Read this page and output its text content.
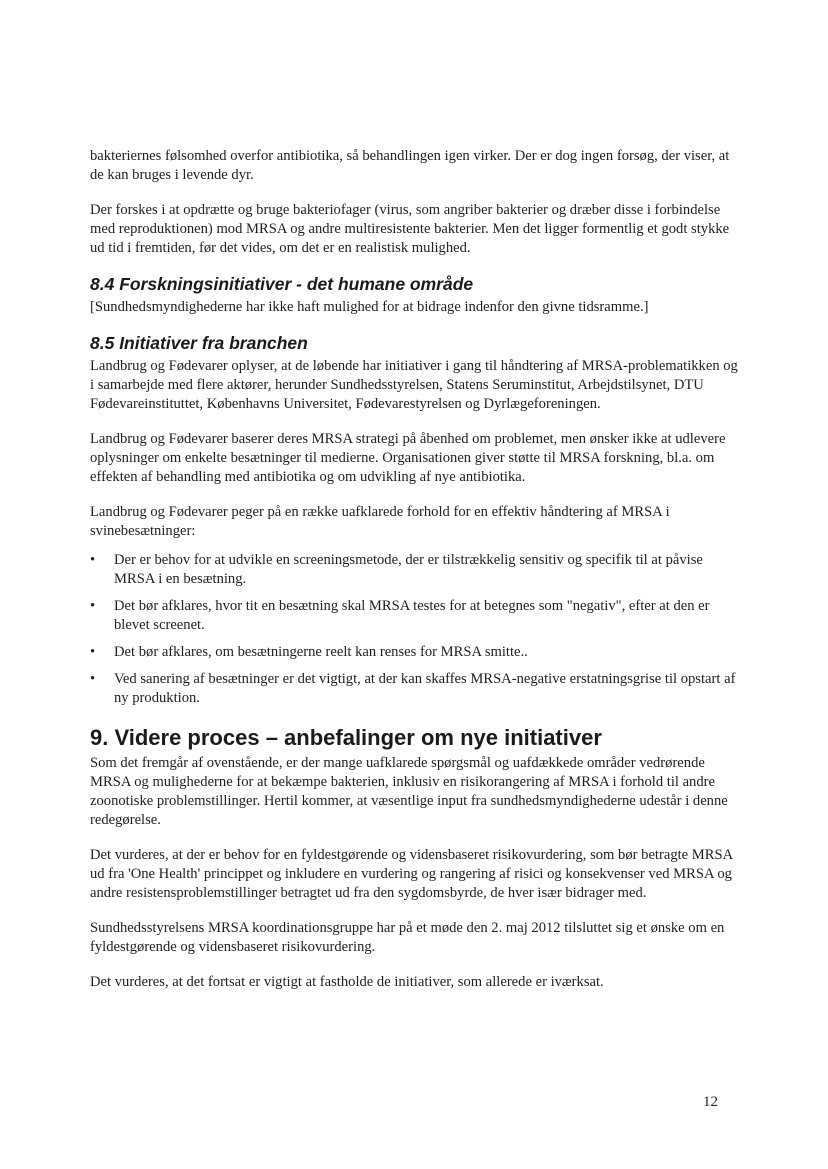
bakteriernes følsomhed overfor antibiotika, så behandlingen igen virker. Der er dog ingen forsøg, der viser, at de kan bruges i levende dyr.

Der forskes i at opdrætte og bruge bakteriofager (virus, som angriber bakterier og dræber disse i forbindelse med reproduktionen) mod MRSA og andre multiresistente bakterier. Men det ligger formentlig et godt stykke ud tid i fremtiden, før det vides, om det er en realistisk mulighed.

8.4 Forskningsinitiativer - det humane område

[Sundhedsmyndighederne har ikke haft mulighed for at bidrage indenfor den givne tidsramme.]

8.5 Initiativer fra branchen

Landbrug og Fødevarer oplyser, at de løbende har initiativer i gang til håndtering af MRSA-problematikken og i samarbejde med flere aktører, herunder Sundhedsstyrelsen, Statens Seruminstitut, Arbejdstilsynet, DTU Fødevareinstituttet, Københavns Universitet, Fødevarestyrelsen og Dyrlægeforeningen.

Landbrug og Fødevarer baserer deres MRSA strategi på åbenhed om problemet, men ønsker ikke at udlevere oplysninger om enkelte besætninger til medierne. Organisationen giver støtte til MRSA forskning, bl.a. om effekten af behandling med antibiotika og om udvikling af nye antibiotika.

Landbrug og Fødevarer peger på en række uafklarede forhold for en effektiv håndtering af MRSA i svinebesætninger:

• Der er behov for at udvikle en screeningsmetode, der er tilstrækkelig sensitiv og specifik til at påvise MRSA i en besætning.
• Det bør afklares, hvor tit en besætning skal MRSA testes for at betegnes som "negativ", efter at den er blevet screenet.
• Det bør afklares, om besætningerne reelt kan renses for MRSA smitte..
• Ved sanering af besætninger er det vigtigt, at der kan skaffes MRSA-negative erstatningsgrise til opstart af ny produktion.
9. Videre proces – anbefalinger om nye initiativer

Som det fremgår af ovenstående, er der mange uafklarede spørgsmål og uafdækkede områder vedrørende MRSA og mulighederne for at bekæmpe bakterien, inklusiv en risikorangering af MRSA i forhold til andre zoonotiske problemstillinger. Hertil kommer, at væsentlige input fra sundhedsmyndighederne udestår i denne redegørelse.

Det vurderes, at der er behov for en fyldestgørende og vidensbaseret risikovurdering, som bør betragte MRSA ud fra 'One Health' princippet og inkludere en vurdering og rangering af risici og konsekvenser ved MRSA og andre resistensproblemstillinger betragtet ud fra den sygdomsbyrde, de hver især bidrager med.

Sundhedsstyrelsens MRSA koordinationsgruppe har på et møde den 2. maj 2012 tilsluttet sig et ønske om en fyldestgørende og vidensbaseret risikovurdering.

Det vurderes, at det fortsat er vigtigt at fastholde de initiativer, som allerede er iværksat.

12
